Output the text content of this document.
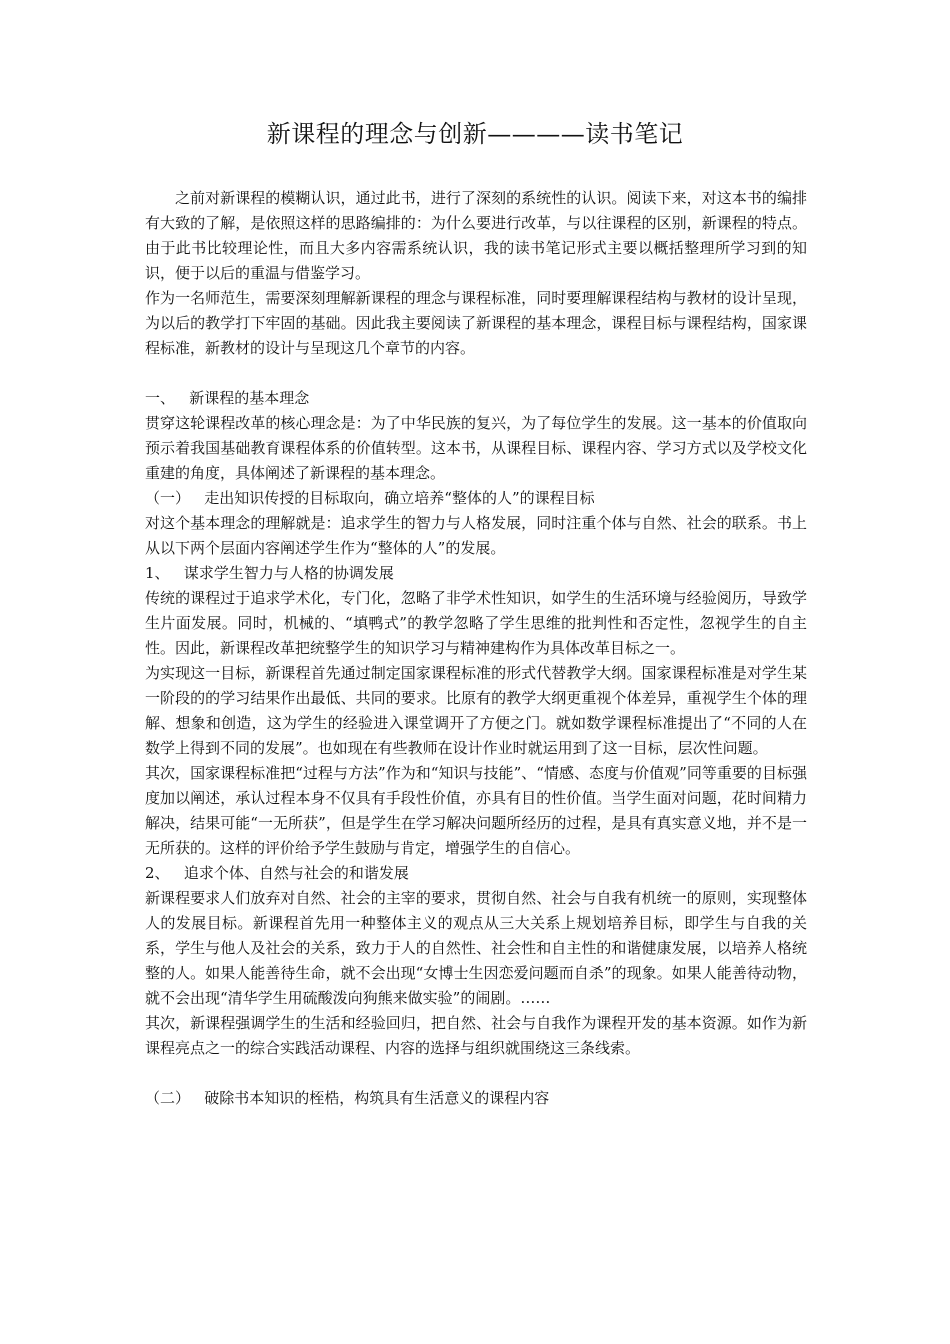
新课程的理念与创新————读书笔记

之前对新课程的模糊认识，通过此书，进行了深刻的系统性的认识。阅读下来，对这本书的编排有大致的了解，是依照这样的思路编排的：为什么要进行改革，与以往课程的区别，新课程的特点。由于此书比较理论性，而且大多内容需系统认识，我的读书笔记形式主要以概括整理所学习到的知识，便于以后的重温与借鉴学习。

作为一名师范生，需要深刻理解新课程的理念与课程标准，同时要理解课程结构与教材的设计呈现，为以后的教学打下牢固的基础。因此我主要阅读了新课程的基本理念，课程目标与课程结构，国家课程标准，新教材的设计与呈现这几个章节的内容。

一、   新课程的基本理念

贯穿这轮课程改革的核心理念是：为了中华民族的复兴，为了每位学生的发展。这一基本的价值取向预示着我国基础教育课程体系的价值转型。这本书，从课程目标、课程内容、学习方式以及学校文化重建的角度，具体阐述了新课程的基本理念。

（一）   走出知识传授的目标取向，确立培养“整体的人”的课程目标

对这个基本理念的理解就是：追求学生的智力与人格发展，同时注重个体与自然、社会的联系。书上从以下两个层面内容阐述学生作为“整体的人”的发展。

1、   谋求学生智力与人格的协调发展

传统的课程过于追求学术化，专门化，忽略了非学术性知识，如学生的生活环境与经验阅历，导致学生片面发展。同时，机械的、“填鸭式”的教学忽略了学生思维的批判性和否定性，忽视学生的自主性。因此，新课程改革把统整学生的知识学习与精神建构作为具体改革目标之一。

为实现这一目标，新课程首先通过制定国家课程标准的形式代替教学大纲。国家课程标准是对学生某一阶段的的学习结果作出最低、共同的要求。比原有的教学大纲更重视个体差异，重视学生个体的理解、想象和创造，这为学生的经验进入课堂调开了方便之门。就如数学课程标准提出了“不同的人在数学上得到不同的发展”。也如现在有些教师在设计作业时就运用到了这一目标，层次性问题。

其次，国家课程标准把“过程与方法”作为和“知识与技能”、“情感、态度与价值观”同等重要的目标强度加以阐述，承认过程本身不仅具有手段性价值，亦具有目的性价值。当学生面对问题，花时间精力解决，结果可能“一无所获”，但是学生在学习解决问题所经历的过程，是具有真实意义地，并不是一无所获的。这样的评价给予学生鼓励与肯定，增强学生的自信心。

2、   追求个体、自然与社会的和谐发展

新课程要求人们放弃对自然、社会的主宰的要求，贯彻自然、社会与自我有机统一的原则，实现整体人的发展目标。新课程首先用一种整体主义的观点从三大关系上规划培养目标，即学生与自我的关系，学生与他人及社会的关系，致力于人的自然性、社会性和自主性的和谐健康发展，以培养人格统整的人。如果人能善待生命，就不会出现“女博士生因恋爱问题而自杀”的现象。如果人能善待动物，就不会出现“清华学生用硫酸泼向狗熊来做实验”的闹剧。……

其次，新课程强调学生的生活和经验回归，把自然、社会与自我作为课程开发的基本资源。如作为新课程亮点之一的综合实践活动课程、内容的选择与组织就围绕这三条线索。

（二）   破除书本知识的桎梏，构筑具有生活意义的课程内容
